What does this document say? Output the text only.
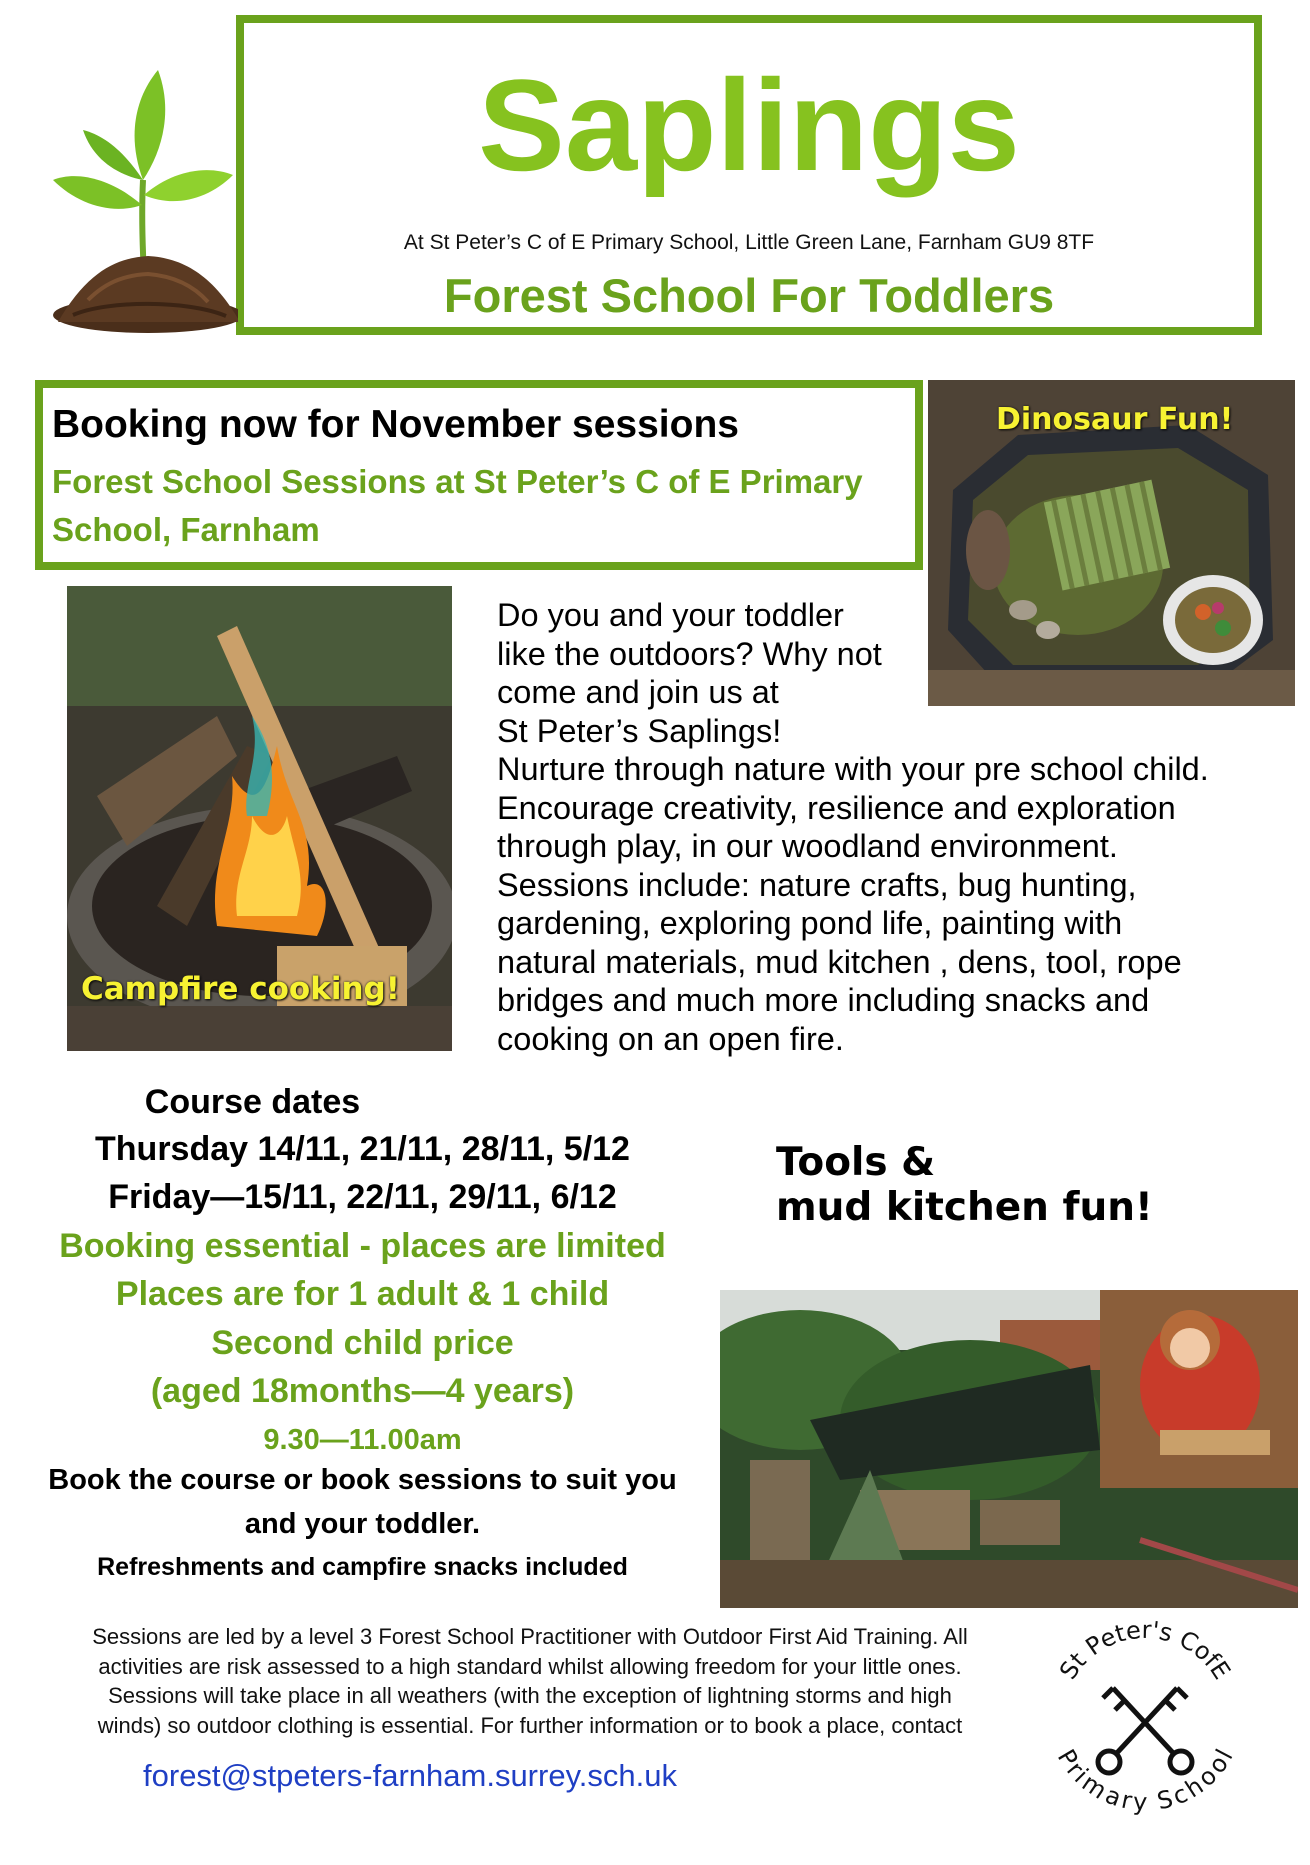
Saplings
At St Peter’s C of E Primary School, Little Green Lane, Farnham GU9 8TF
Forest School For Toddlers
Booking now for November sessions
Forest School Sessions at St Peter’s C of E Primary
School, Farnham
Dinosaur Fun!
Campfire cooking!
Do you and your toddler
like the outdoors? Why not
come and join us at
St Peter’s Saplings!
Nurture through nature with your pre school child.
Encourage creativity, resilience and exploration
through play, in our woodland environment.
Sessions include: nature crafts, bug hunting,
gardening, exploring pond life, painting with
natural materials, mud kitchen , dens, tool, rope
bridges and much more including snacks and
cooking on an open fire.
Course dates
Thursday 14/11, 21/11, 28/11, 5/12
Friday—15/11, 22/11, 29/11, 6/12
Booking essential - places are limited
Places are for 1 adult & 1 child
Second child price
(aged 18months—4 years)
9.30—11.00am
Book the course or book sessions to suit you
and your toddler.
Refreshments and campfire snacks included
Tools &
mud kitchen fun!
Sessions are led by a level 3 Forest School Practitioner with Outdoor First Aid Training. All
activities are risk assessed to a high standard whilst allowing freedom for your little ones.
Sessions will take place in all weathers (with the exception of lightning storms and high
winds) so outdoor clothing is essential. For further information or to book a place, contact
forest@stpeters-farnham.surrey.sch.uk
St Peter's CofE
Primary School
